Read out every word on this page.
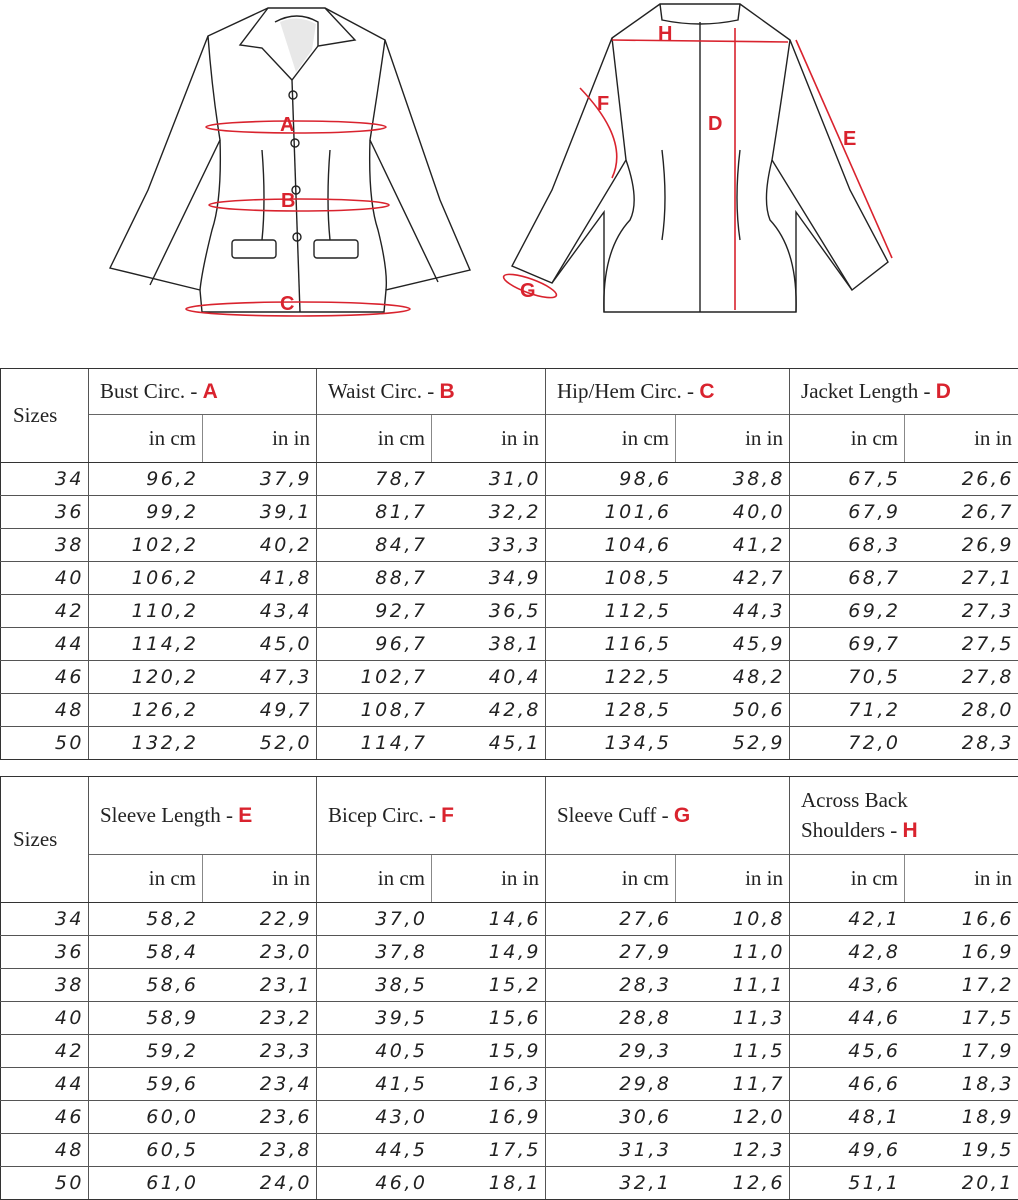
A
B
C
H
D
E
F
G
Sizes	Bust Circ. - A		Waist Circ. - B		Hip/Hem Circ. - C		Jacket Length - D	
	in cm	in in	in cm	in in	in cm	in in	in cm	in in
34	96,2	37,9	78,7	31,0	98,6	38,8	67,5	26,6
36	99,2	39,1	81,7	32,2	101,6	40,0	67,9	26,7
38	102,2	40,2	84,7	33,3	104,6	41,2	68,3	26,9
40	106,2	41,8	88,7	34,9	108,5	42,7	68,7	27,1
42	110,2	43,4	92,7	36,5	112,5	44,3	69,2	27,3
44	114,2	45,0	96,7	38,1	116,5	45,9	69,7	27,5
46	120,2	47,3	102,7	40,4	122,5	48,2	70,5	27,8
48	126,2	49,7	108,7	42,8	128,5	50,6	71,2	28,0
50	132,2	52,0	114,7	45,1	134,5	52,9	72,0	28,3
Sizes	Sleeve Length - E		Bicep Circ. - F		Sleeve Cuff - G		Across Back
Shoulders - H	
	in cm	in in	in cm	in in	in cm	in in	in cm	in in
34	58,2	22,9	37,0	14,6	27,6	10,8	42,1	16,6
36	58,4	23,0	37,8	14,9	27,9	11,0	42,8	16,9
38	58,6	23,1	38,5	15,2	28,3	11,1	43,6	17,2
40	58,9	23,2	39,5	15,6	28,8	11,3	44,6	17,5
42	59,2	23,3	40,5	15,9	29,3	11,5	45,6	17,9
44	59,6	23,4	41,5	16,3	29,8	11,7	46,6	18,3
46	60,0	23,6	43,0	16,9	30,6	12,0	48,1	18,9
48	60,5	23,8	44,5	17,5	31,3	12,3	49,6	19,5
50	61,0	24,0	46,0	18,1	32,1	12,6	51,1	20,1
